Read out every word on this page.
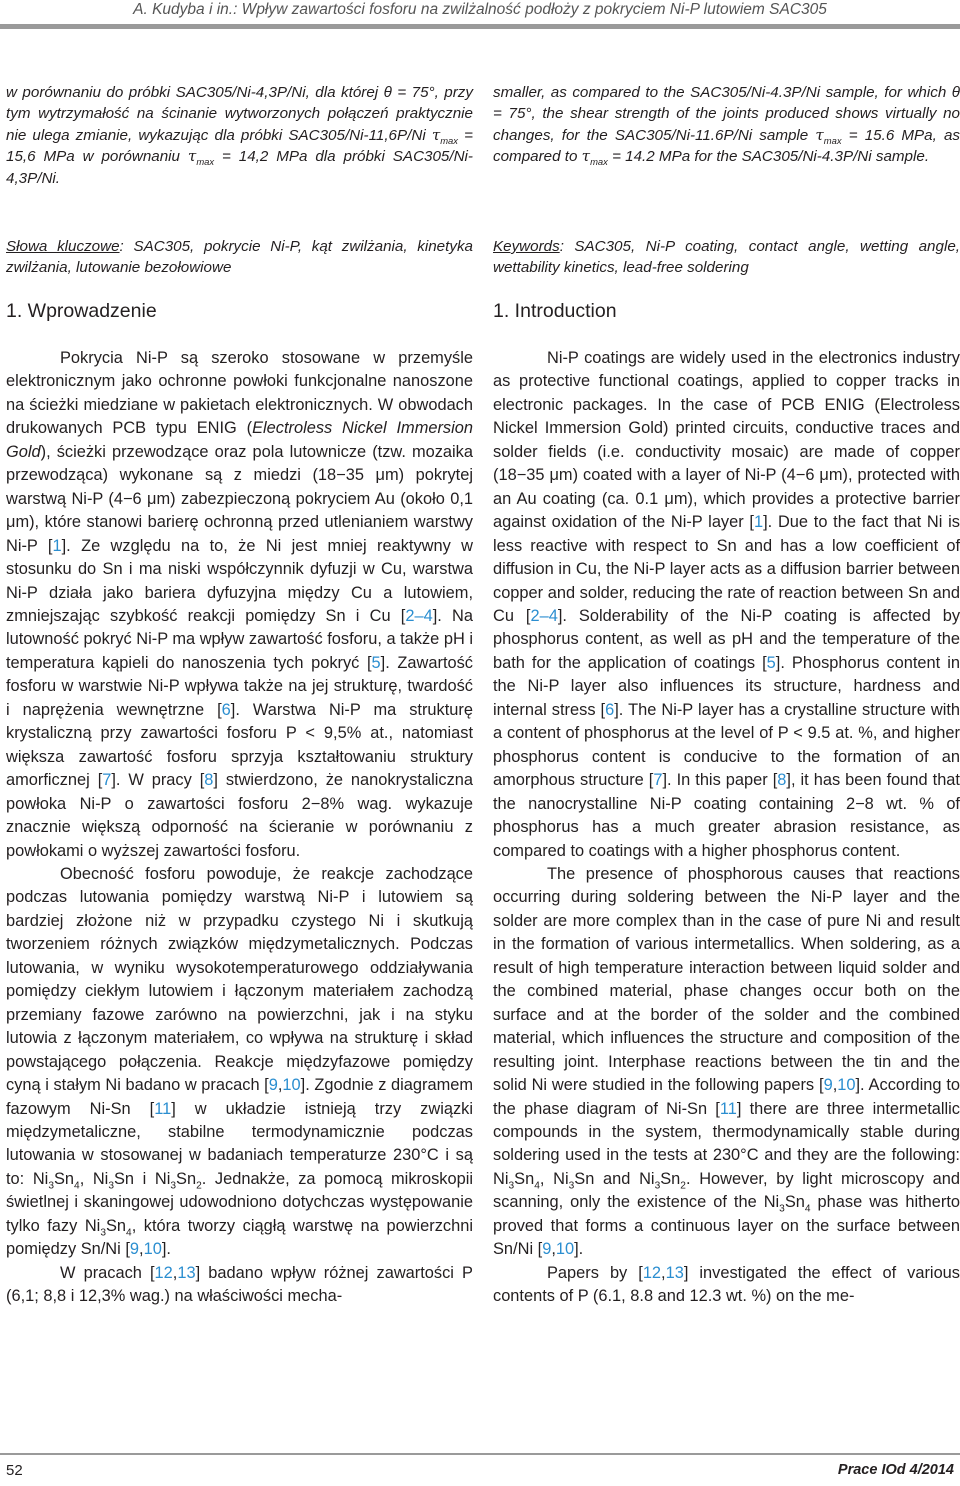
A. Kudyba i in.: Wpływ zawartości fosforu na zwilżalność podłoży z pokryciem Ni-P lutowiem SAC305
w porównaniu do próbki SAC305/Ni-4,3P/Ni, dla której θ = 75°, przy tym wytrzymałość na ścinanie wytworzonych połączeń praktycznie nie ulega zmianie, wykazując dla próbki SAC305/Ni-11,6P/Ni $\tau_{max} = 15,6$ MPa w porównaniu $\tau_{max} = 14,2$ MPa dla próbki SAC305/Ni-4,3P/Ni.
Słowa kluczowe: SAC305, pokrycie Ni-P, kąt zwilżania, kinetyka zwilżania, lutowanie bezołowiowe
1. Wprowadzenie

Pokrycia Ni-P są szeroko stosowane w przemyśle elektronicznym jako ochronne powłoki funkcjonalne nanoszone na ścieżki miedziane w pakietach elektronicznych. W obwodach drukowanych PCB typu ENIG (Electroless Nickel Immersion Gold), ścieżki przewodzące oraz pola lutownicze (tzw. mozaika przewodząca) wykonane są z miedzi (18−35 μm) pokrytej warstwą Ni-P (4−6 μm) zabezpieczoną pokryciem Au (około 0,1 μm), które stanowi barierę ochronną przed utlenianiem warstwy Ni-P [1]. Ze względu na to, że Ni jest mniej reaktywny w stosunku do Sn i ma niski współczynnik dyfuzji w Cu, warstwa Ni-P działa jako bariera dyfuzyjna między Cu a lutowiem, zmniejszając szybkość reakcji pomiędzy Sn i Cu [2–4]. Na lutowność pokryć Ni-P ma wpływ zawartość fosforu, a także pH i temperatura kąpieli do nanoszenia tych pokryć [5]. Zawartość fosforu w warstwie Ni-P wpływa także na jej strukturę, twardość i naprężenia wewnętrzne [6]. Warstwa Ni-P ma strukturę krystaliczną przy zawartości fosforu P < 9,5% at., natomiast większa zawartość fosforu sprzyja kształtowaniu struktury amorficznej [7]. W pracy [8] stwierdzono, że nanokrystaliczna powłoka Ni-P o zawartości fosforu 2−8% wag. wykazuje znacznie większą odporność na ścieranie w porównaniu z powłokami o wyższej zawartości fosforu.

Obecność fosforu powoduje, że reakcje zachodzące podczas lutowania pomiędzy warstwą Ni-P i lutowiem są bardziej złożone niż w przypadku czystego Ni i skutkują tworzeniem różnych związków międzymetalicznych. Podczas lutowania, w wyniku wysokotemperaturowego oddziaływania pomiędzy ciekłym lutowiem i łączonym materiałem zachodzą przemiany fazowe zarówno na powierzchni, jak i na styku lutowia z łączonym materiałem, co wpływa na strukturę i skład powstającego połączenia. Reakcje międzyfazowe pomiędzy cyną i stałym Ni badano w pracach [9,10]. Zgodnie z diagramem fazowym Ni-Sn [11] w układzie istnieją trzy związki międzymetaliczne, stabilne termodynamicznie podczas lutowania w stosowanej w badaniach temperaturze 230°C i są to: $Ni_3Sn_4$, $Ni_3Sn$ i $Ni_3Sn_2$. Jednakże, za pomocą mikroskopii świetlnej i skaningowej udowodniono dotychczas występowanie tylko fazy $Ni_3Sn_4$, która tworzy ciągłą warstwę na powierzchni pomiędzy Sn/Ni [9,10].

W pracach [12,13] badano wpływ różnej zawartości P (6,1; 8,8 i 12,3% wag.) na właściwości mecha-

smaller, as compared to the SAC305/Ni-4.3P/Ni sample, for which θ = 75°, the shear strength of the joints produced shows virtually no changes, for the SAC305/Ni-11.6P/Ni sample $\tau_{max} = 15.6$ MPa, as compared to $\tau_{max} = 14.2$ MPa for the SAC305/Ni-4.3P/Ni sample.
Keywords: SAC305, Ni-P coating, contact angle, wetting angle, wettability kinetics, lead-free soldering
1. Introduction

Ni-P coatings are widely used in the electronics industry as protective functional coatings, applied to copper tracks in electronic packages. In the case of PCB ENIG (Electroless Nickel Immersion Gold) printed circuits, conductive traces and solder fields (i.e. conductivity mosaic) are made of copper (18−35 μm) coated with a layer of Ni-P (4−6 μm), protected with an Au coating (ca. 0.1 μm), which provides a protective barrier against oxidation of the Ni-P layer [1]. Due to the fact that Ni is less reactive with respect to Sn and has a low coefficient of diffusion in Cu, the Ni-P layer acts as a diffusion barrier between copper and solder, reducing the rate of reaction between Sn and Cu [2–4]. Solderability of the Ni-P coating is affected by phosphorus content, as well as pH and the temperature of the bath for the application of coatings [5]. Phosphorus content in the Ni-P layer also influences its structure, hardness and internal stress [6]. The Ni-P layer has a crystalline structure with a content of phosphorus at the level of P < 9.5 at. %, and higher phosphorus content is conducive to the formation of an amorphous structure [7]. In this paper [8], it has been found that the nanocrystalline Ni-P coating containing 2−8 wt. % of phosphorus has a much greater abrasion resistance, as compared to coatings with a higher phosphorus content.

The presence of phosphorous causes that reactions occurring during soldering between the Ni-P layer and the solder are more complex than in the case of pure Ni and result in the formation of various intermetallics. When soldering, as a result of high temperature interaction between liquid solder and the combined material, phase changes occur both on the surface and at the border of the solder and the combined material, which influences the structure and composition of the resulting joint. Interphase reactions between the tin and the solid Ni were studied in the following papers [9,10]. According to the phase diagram of Ni-Sn [11] there are three intermetallic compounds in the system, thermodynamically stable during soldering used in the tests at 230°C and they are the following: $Ni_3Sn_4$, $Ni_3Sn$ and $Ni_3Sn_2$. However, by light microscopy and scanning, only the existence of the $Ni_3Sn_4$ phase was hitherto proved that forms a continuous layer on the surface between Sn/Ni [9,10].

Papers by [12,13] investigated the effect of various contents of P (6.1, 8.8 and 12.3 wt. %) on the me-

52	Prace IOd 4/2014
